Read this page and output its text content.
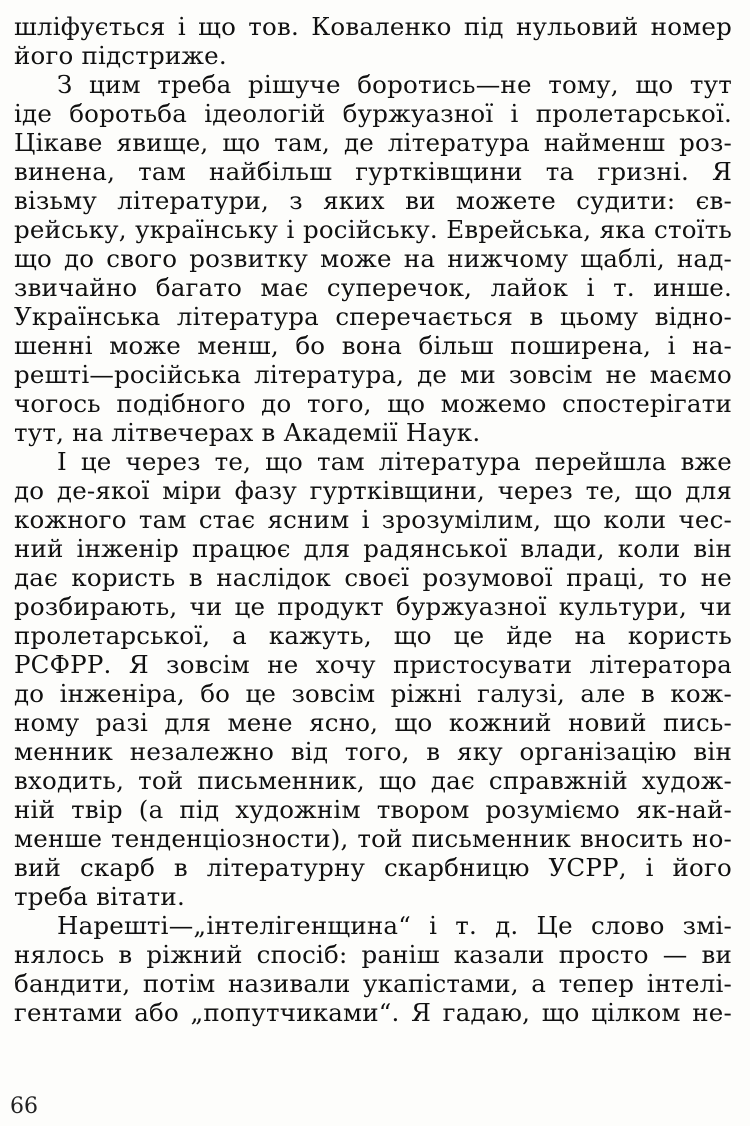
шліфується і що тов. Коваленко під нульовий номер
його підстриже.
З цим треба рішуче боротись—не тому, що тут
іде боротьба ідеологій буржуазної і пролетарської.
Цікаве явище, що там, де література найменш роз-
винена, там найбільш гуртківщини та гризні. Я
візьму літератури, з яких ви можете судити: єв-
рейську, українську і російську. Еврейська, яка стоїть
що до свого розвитку може на нижчому щаблі, над-
звичайно багато має суперечок, лайок і т. инше.
Українська література сперечається в цьому відно-
шенні може менш, бо вона більш поширена, і на-
решті—російська література, де ми зовсім не маємо
чогось подібного до того, що можемо спостерігати
тут, на літвечерах в Академії Наук.
І це через те, що там література перейшла вже
до де-якої міри фазу гуртківщини, через те, що для
кожного там стає ясним і зрозумілим, що коли чес-
ний інженір працює для радянської влади, коли він
дає користь в наслідок своєї розумової праці, то не
розбирають, чи це продукт буржуазної культури, чи
пролетарської, а кажуть, що це йде на користь
РСФРР. Я зовсім не хочу пристосувати літератора
до інженіра, бо це зовсім ріжні галузі, але в кож-
ному разі для мене ясно, що кожний новий пись-
менник незалежно від того, в яку організацію він
входить, той письменник, що дає справжній худож-
ній твір (а під художнім твором розуміємо як-най-
менше тенденціозности), той письменник вносить но-
вий скарб в літературну скарбницю УСРР, і його
треба вітати.
Нарешті—„інтелігенщина“ і т. д. Це слово змі-
нялось в ріжний спосіб: раніш казали просто — ви
бандити, потім називали укапістами, а тепер інтелі-
гентами або „попутчиками“. Я гадаю, що цілком не-
66
